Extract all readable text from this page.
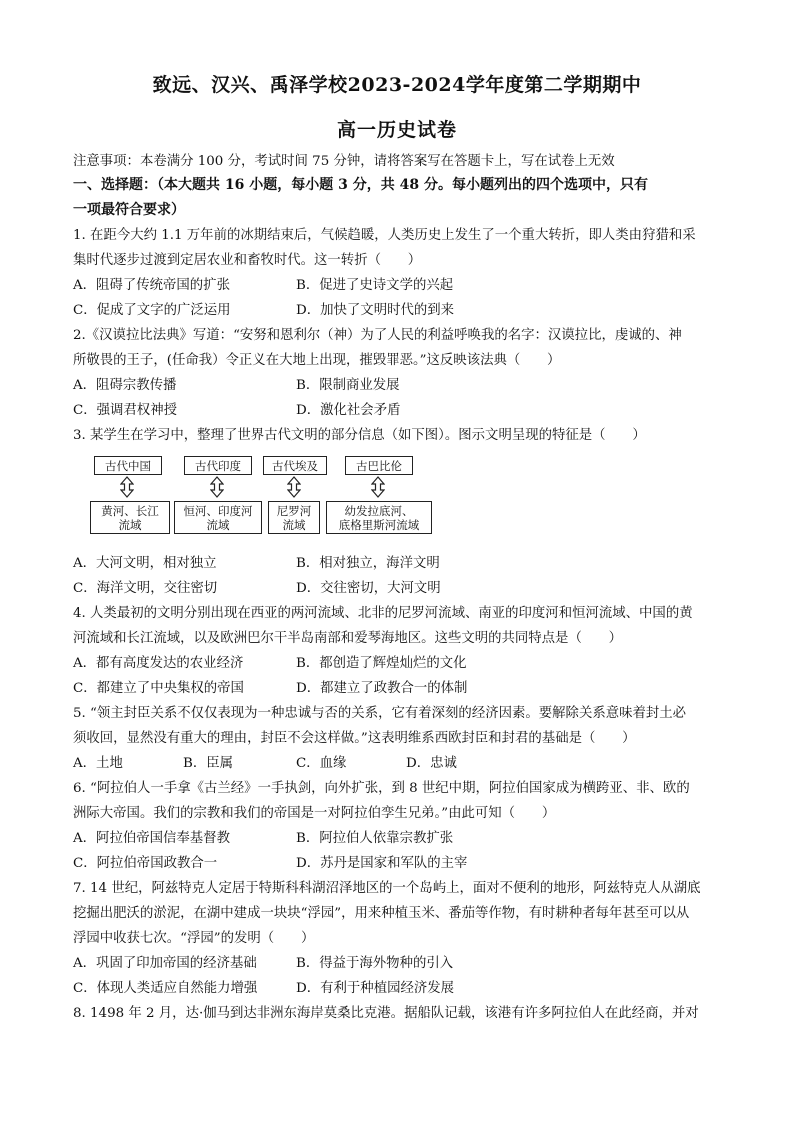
致远、汉兴、禹泽学校2023-2024学年度第二学期期中
高一历史试卷
注意事项：本卷满分 100 分，考试时间 75 分钟，请将答案写在答题卡上，写在试卷上无效
一、选择题：（本大题共 16 小题，每小题 3 分，共 48 分。每小题列出的四个选项中，只有
一项最符合要求）
1. 在距今大约 1.1 万年前的冰期结束后，气候趋暖，人类历史上发生了一个重大转折，即人类由狩猎和采
集时代逐步过渡到定居农业和畜牧时代。这一转折（　　）
A．阻碍了传统帝国的扩张	B．促进了史诗文学的兴起
C．促成了文字的广泛运用	D．加快了文明时代的到来
2.《汉谟拉比法典》写道：“安努和恩利尔（神）为了人民的利益呼唤我的名字：汉谟拉比，虔诚的、神
所敬畏的王子，(任命我）令正义在大地上出现，摧毁罪恶。”这反映该法典（　　）
A．阻碍宗教传播	B．限制商业发展
C．强调君权神授	D．激化社会矛盾
3. 某学生在学习中，整理了世界古代文明的部分信息（如下图）。图示文明呈现的特征是（　　）
古代中国	古代印度	古代埃及	古巴比伦
黄河、长江
流域
恒河、印度河
流域
尼罗河
流域
幼发拉底河、
底格里斯河流域
A．大河文明，相对独立	B．相对独立，海洋文明
C．海洋文明，交往密切	D．交往密切，大河文明
4. 人类最初的文明分别出现在西亚的两河流域、北非的尼罗河流域、南亚的印度河和恒河流域、中国的黄
河流域和长江流域，以及欧洲巴尔干半岛南部和爱琴海地区。这些文明的共同特点是（　　）
A．都有高度发达的农业经济	B．都创造了辉煌灿烂的文化
C．都建立了中央集权的帝国	D．都建立了政教合一的体制
5. “领主封臣关系不仅仅表现为一种忠诚与否的关系，它有着深刻的经济因素。要解除关系意味着封土必
须收回，显然没有重大的理由，封臣不会这样做。”这表明维系西欧封臣和封君的基础是（　　）
A．土地	B．臣属	C．血缘	D．忠诚
6. “阿拉伯人一手拿《古兰经》一手执剑，向外扩张，到 8 世纪中期，阿拉伯国家成为横跨亚、非、欧的
洲际大帝国。我们的宗教和我们的帝国是一对阿拉伯孪生兄弟。”由此可知（　　）
A．阿拉伯帝国信奉基督教	B．阿拉伯人依靠宗教扩张
C．阿拉伯帝国政教合一	D．苏丹是国家和军队的主宰
7. 14 世纪，阿兹特克人定居于特斯科科湖沼泽地区的一个岛屿上，面对不便利的地形，阿兹特克人从湖底
挖掘出肥沃的淤泥，在湖中建成一块块“浮园”，用来种植玉米、番茄等作物，有时耕种者每年甚至可以从
浮园中收获七次。“浮园”的发明（　　）
A．巩固了印加帝国的经济基础	B．得益于海外物种的引入
C．体现人类适应自然能力增强	D．有利于种植园经济发展
8. 1498 年 2 月，达·伽马到达非洲东海岸莫桑比克港。据船队记载，该港有许多阿拉伯人在此经商，并对
